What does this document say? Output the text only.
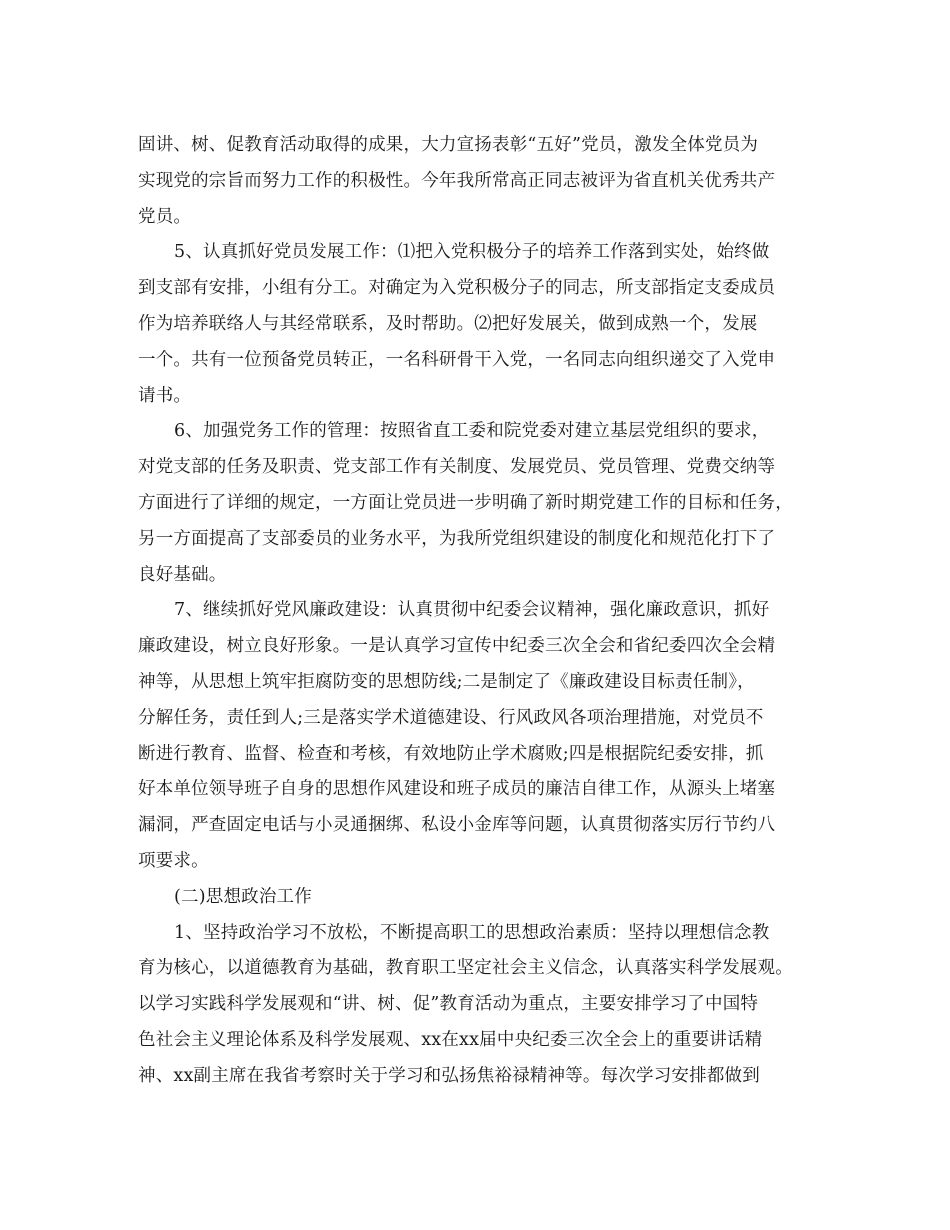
固讲、树、促教育活动取得的成果，大力宣扬表彰“五好”党员，激发全体党员为
实现党的宗旨而努力工作的积极性。今年我所常高正同志被评为省直机关优秀共产
党员。
5、认真抓好党员发展工作：⑴把入党积极分子的培养工作落到实处，始终做
到支部有安排，小组有分工。对确定为入党积极分子的同志，所支部指定支委成员
作为培养联络人与其经常联系，及时帮助。⑵把好发展关，做到成熟一个，发展
一个。共有一位预备党员转正，一名科研骨干入党，一名同志向组织递交了入党申
请书。
6、加强党务工作的管理：按照省直工委和院党委对建立基层党组织的要求，
对党支部的任务及职责、党支部工作有关制度、发展党员、党员管理、党费交纳等
方面进行了详细的规定，一方面让党员进一步明确了新时期党建工作的目标和任务，
另一方面提高了支部委员的业务水平，为我所党组织建设的制度化和规范化打下了
良好基础。
7、继续抓好党风廉政建设：认真贯彻中纪委会议精神，强化廉政意识，抓好
廉政建设，树立良好形象。一是认真学习宣传中纪委三次全会和省纪委四次全会精
神等，从思想上筑牢拒腐防变的思想防线;二是制定了《廉政建设目标责任制》，
分解任务，责任到人;三是落实学术道德建设、行风政风各项治理措施，对党员不
断进行教育、监督、检查和考核，有效地防止学术腐败;四是根据院纪委安排，抓
好本单位领导班子自身的思想作风建设和班子成员的廉洁自律工作，从源头上堵塞
漏洞，严查固定电话与小灵通捆绑、私设小金库等问题，认真贯彻落实厉行节约八
项要求。
(二)思想政治工作
1、坚持政治学习不放松，不断提高职工的思想政治素质：坚持以理想信念教
育为核心，以道德教育为基础，教育职工坚定社会主义信念，认真落实科学发展观。
以学习实践科学发展观和“讲、树、促”教育活动为重点，主要安排学习了中国特
色社会主义理论体系及科学发展观、xx在xx届中央纪委三次全会上的重要讲话精
神、xx副主席在我省考察时关于学习和弘扬焦裕禄精神等。每次学习安排都做到
